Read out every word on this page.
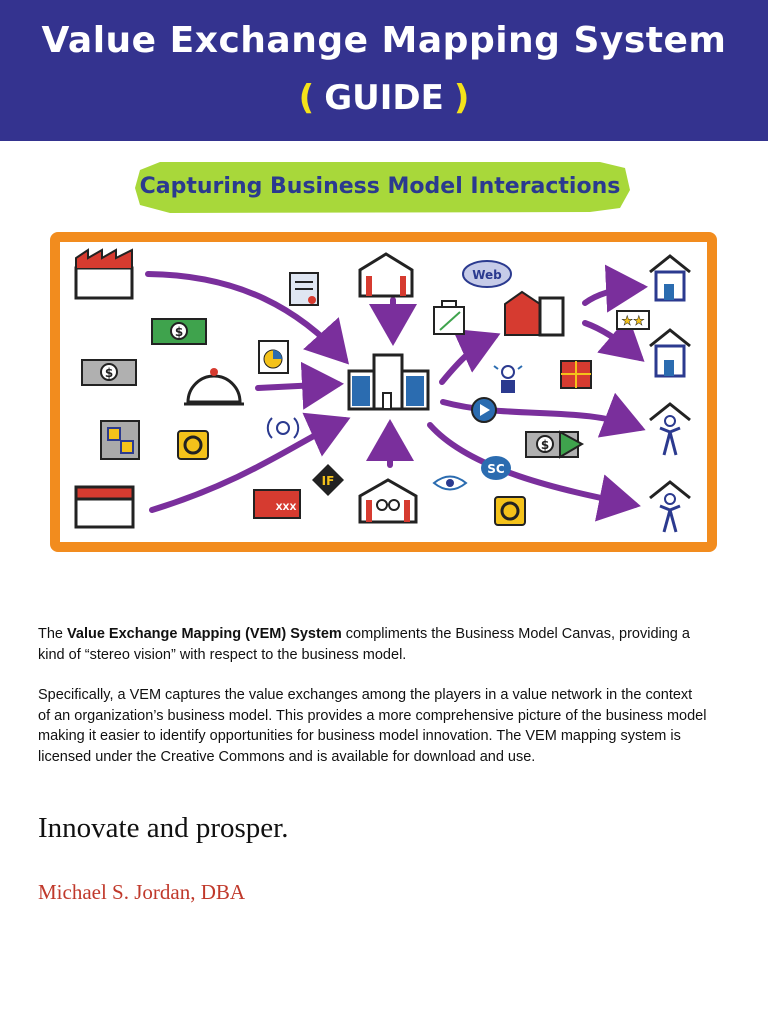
Value Exchange Mapping System
( GUIDE )
Capturing Business Model Interactions
$
$
IF
XXX
Web
$
SC
★★
The Value Exchange Mapping (VEM) System compliments the Business Model Canvas, providing a kind of “stereo vision” with respect to the business model.
Specifically, a VEM captures the value exchanges among the players in a value network in the context of an organization’s business model. This provides a more comprehensive picture of the business model making it easier to identify opportunities for business model innovation. The VEM mapping system is licensed under the Creative Commons and is available for download and use.
Innovate and prosper.
Michael S. Jordan, DBA
